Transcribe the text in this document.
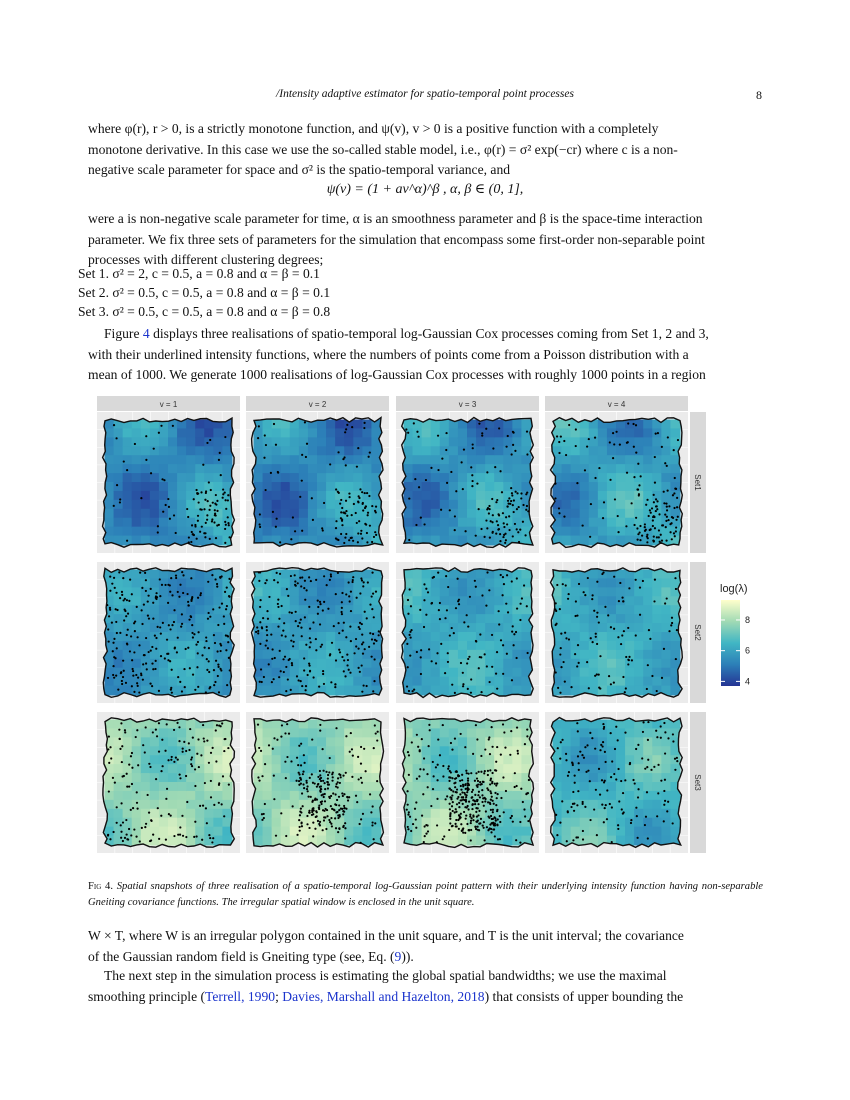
/Intensity adaptive estimator for spatio-temporal point processes	8
where φ(r), r > 0, is a strictly monotone function, and ψ(v), v > 0 is a positive function with a completely
monotone derivative. In this case we use the so-called stable model, i.e., φ(r) = σ² exp(−cr) where c is a non-
negative scale parameter for space and σ² is the spatio-temporal variance, and
ψ(v) = (1 + av^α)^β , α, β ∈ (0, 1],
were a is non-negative scale parameter for time, α is an smoothness parameter and β is the space-time interaction
parameter. We fix three sets of parameters for the simulation that encompass some first-order non-separable point
processes with different clustering degrees;
Set 1. σ² = 2, c = 0.5, a = 0.8 and α = β = 0.1
Set 2. σ² = 0.5, c = 0.5, a = 0.8 and α = β = 0.1
Set 3. σ² = 0.5, c = 0.5, a = 0.8 and α = β = 0.8
Figure 4 displays three realisations of spatio-temporal log-Gaussian Cox processes coming from Set 1, 2 and 3,
with their underlined intensity functions, where the numbers of points come from a Poisson distribution with a
mean of 1000. We generate 1000 realisations of log-Gaussian Cox processes with roughly 1000 points in a region
v = 1	v = 2	v = 3	v = 4
Set1
Set2
Set3
log(λ)
8
6
4
Fig 4. Spatial snapshots of three realisation of a spatio-temporal log-Gaussian point pattern with their underlying intensity function having non-separable Gneiting covariance functions. The irregular spatial window is enclosed in the unit square.
W × T, where W is an irregular polygon contained in the unit square, and T is the unit interval; the covariance
of the Gaussian random field is Gneiting type (see, Eq. (9)).
The next step in the simulation process is estimating the global spatial bandwidths; we use the maximal
smoothing principle (Terrell, 1990; Davies, Marshall and Hazelton, 2018) that consists of upper bounding the
